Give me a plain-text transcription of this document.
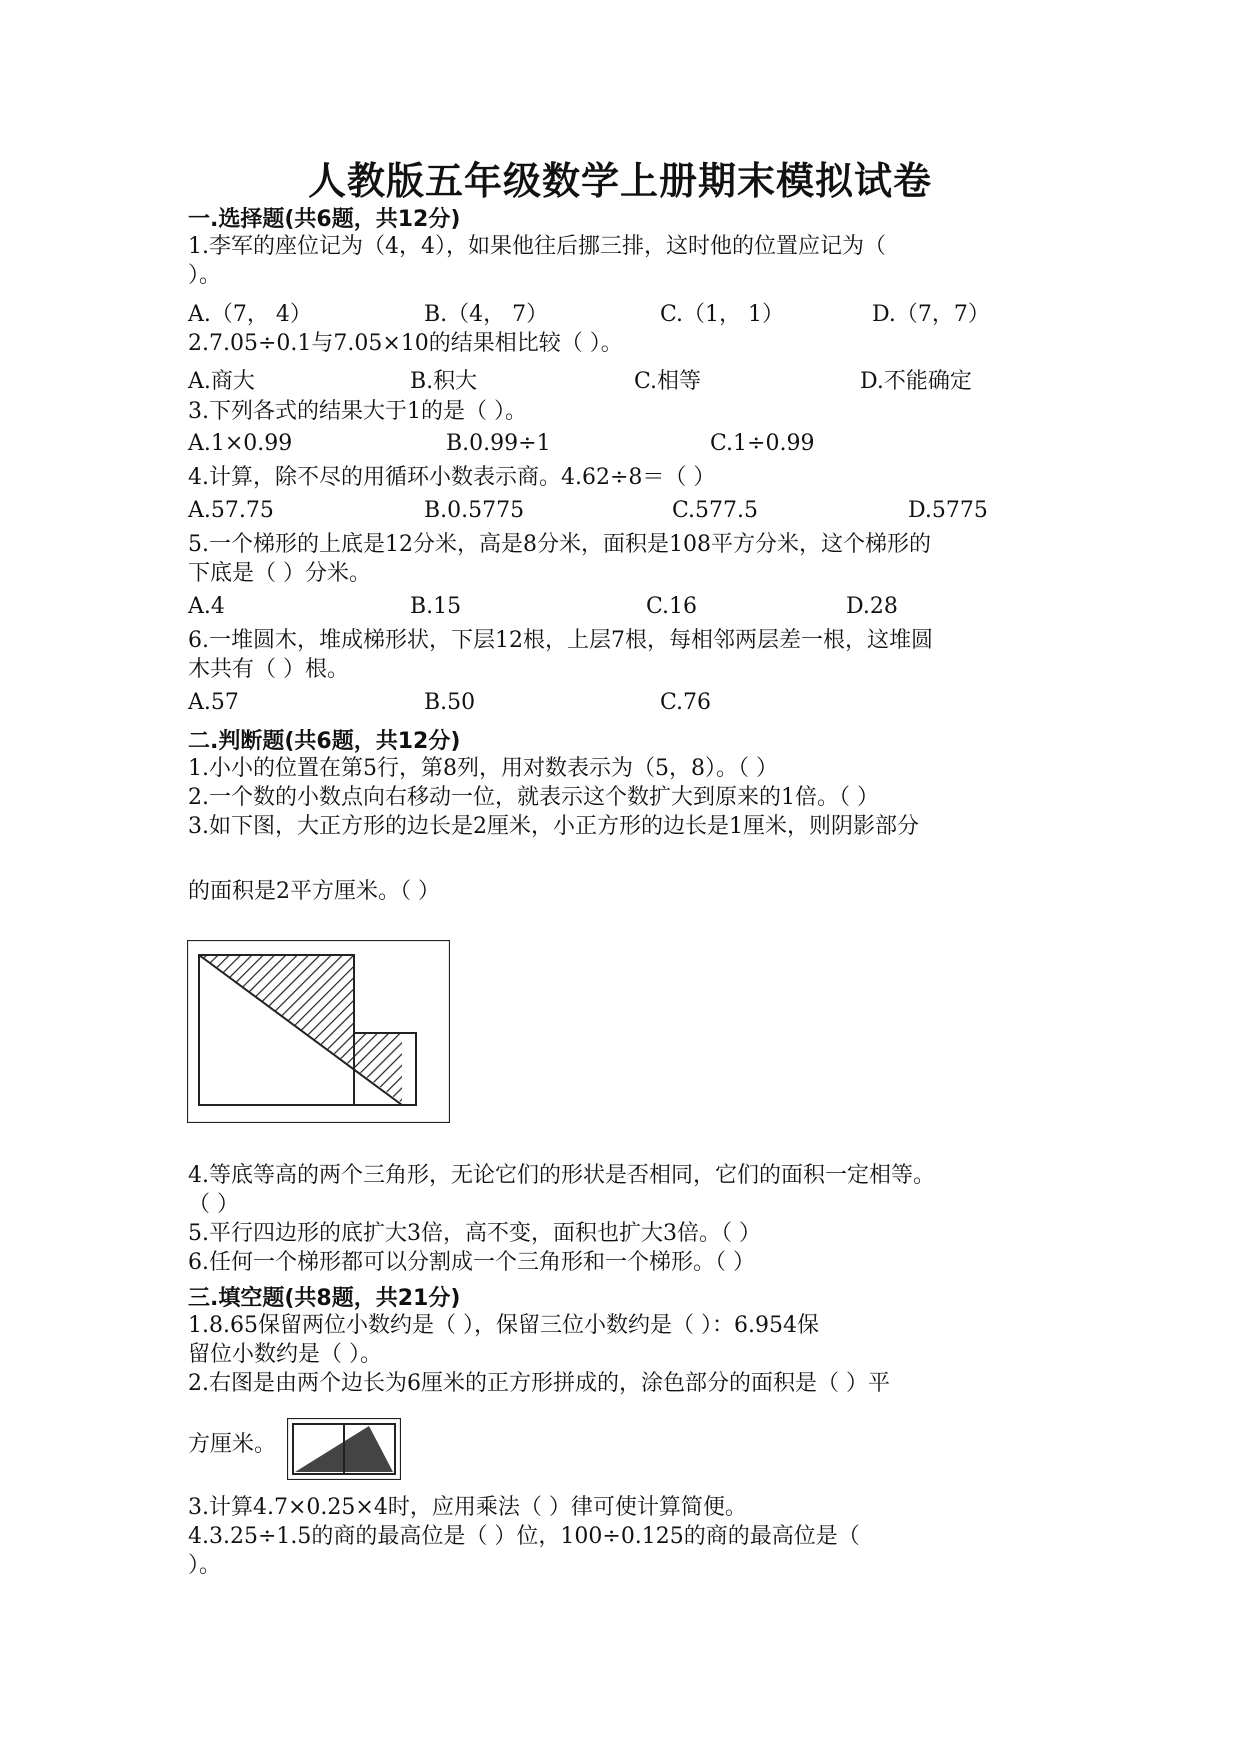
人教版五年级数学上册期末模拟试卷
一.选择题(共6题，共12分)
1.李军的座位记为（4，4），如果他往后挪三排，这时他的位置应记为（
）。
A.（7， 4）	B.（4， 7）	C.（1， 1）	D.（7，7）
2.7.05÷0.1与7.05×10的结果相比较（ ）。
A.商大	B.积大	C.相等	D.不能确定
3.下列各式的结果大于1的是（ ）。
A.1×0.99	B.0.99÷1	C.1÷0.99
4.计算，除不尽的用循环小数表示商。4.62÷8＝（ ）
A.57.75	B.0.5775	C.577.5	D.5775
5.一个梯形的上底是12分米，高是8分米，面积是108平方分米，这个梯形的
下底是（ ）分米。
A.4	B.15	C.16	D.28
6.一堆圆木，堆成梯形状，下层12根，上层7根，每相邻两层差一根，这堆圆
木共有（ ）根。
A.57	B.50	C.76
二.判断题(共6题，共12分)
1.小小的位置在第5行，第8列，用对数表示为（5，8）。（ ）
2.一个数的小数点向右移动一位，就表示这个数扩大到原来的1倍。（ ）
3.如下图，大正方形的边长是2厘米，小正方形的边长是1厘米，则阴影部分
的面积是2平方厘米。（ ）
4.等底等高的两个三角形，无论它们的形状是否相同，它们的面积一定相等。
（ ）
5.平行四边形的底扩大3倍，高不变，面积也扩大3倍。（ ）
6.任何一个梯形都可以分割成一个三角形和一个梯形。（ ）
三.填空题(共8题，共21分)
1.8.65保留两位小数约是（ ），保留三位小数约是（ ）：6.954保
留位小数约是（ ）。
2.右图是由两个边长为6厘米的正方形拼成的，涂色部分的面积是（ ）平
方厘米。
3.计算4.7×0.25×4时，应用乘法（ ）律可使计算简便。
4.3.25÷1.5的商的最高位是（ ）位，100÷0.125的商的最高位是（
）。
